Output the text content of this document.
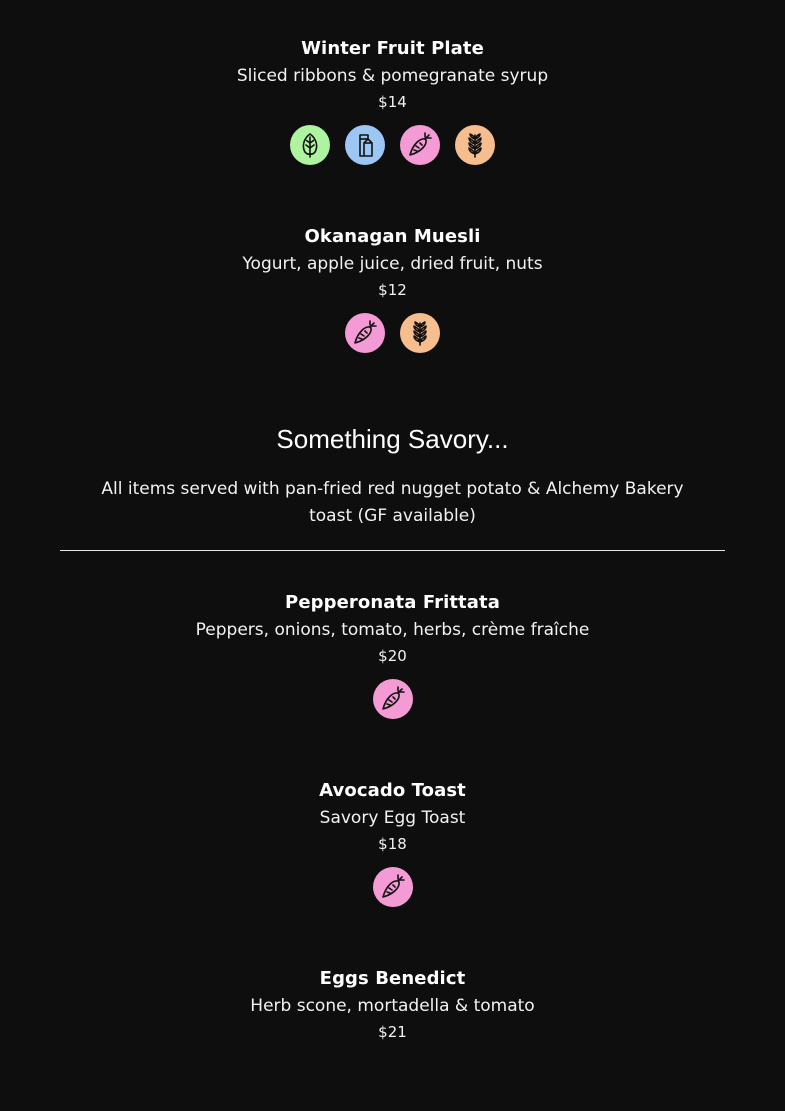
Winter Fruit Plate
Sliced ribbons & pomegranate syrup
$14
Okanagan Muesli
Yogurt, apple juice, dried fruit, nuts
$12
Something Savory...
All items served with pan-fried red nugget potato & Alchemy Bakery toast (GF available)
Pepperonata Frittata
Peppers, onions, tomato, herbs, crème fraîche
$20
Avocado Toast
Savory Egg Toast
$18
Eggs Benedict
Herb scone, mortadella & tomato
$21
